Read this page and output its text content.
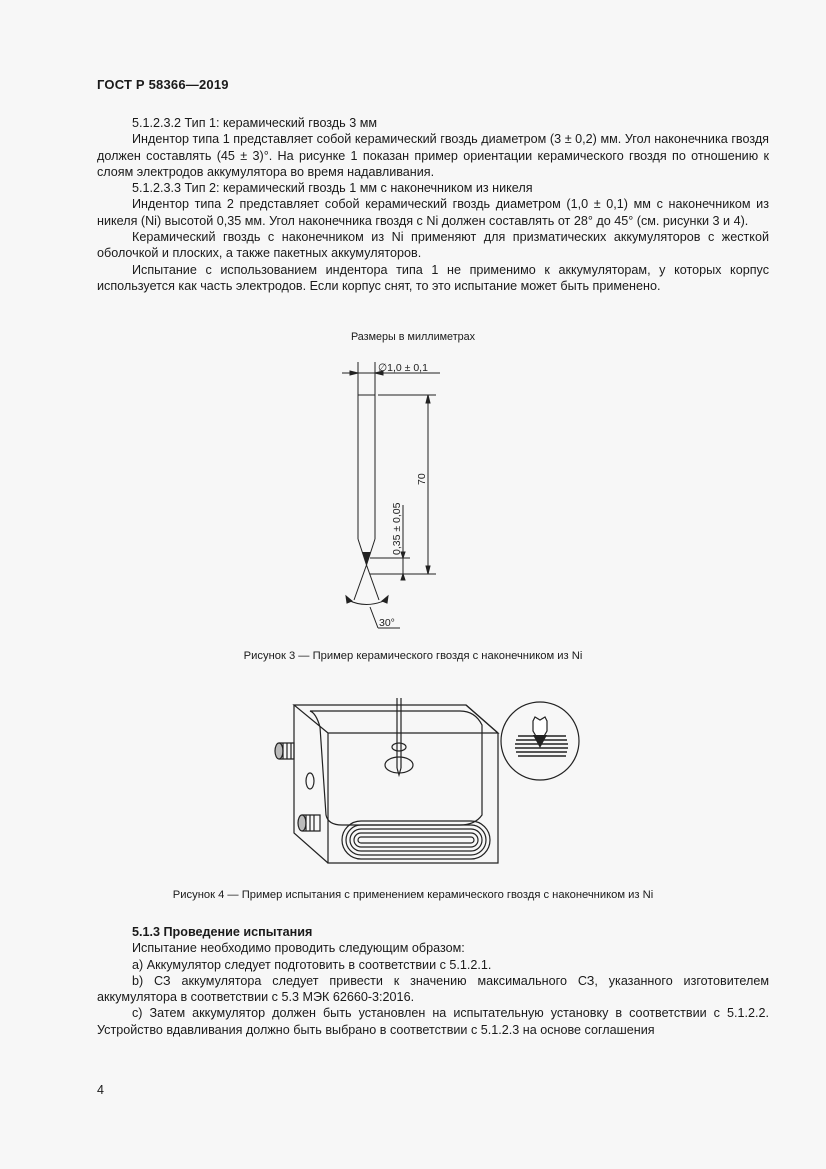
ГОСТ Р 58366—2019

5.1.2.3.2 Тип 1: керамический гвоздь 3 мм

Индентор типа 1 представляет собой керамический гвоздь диаметром (3 ± 0,2) мм. Угол наконечника гвоздя должен составлять (45 ± 3)°. На рисунке 1 показан пример ориентации керамического гвоздя по отношению к слоям электродов аккумулятора во время надавливания.

5.1.2.3.3 Тип 2: керамический гвоздь 1 мм с наконечником из никеля

Индентор типа 2 представляет собой керамический гвоздь диаметром (1,0 ± 0,1) мм с наконечником из никеля (Ni) высотой 0,35 мм. Угол наконечника гвоздя с Ni должен составлять от 28° до 45° (см. рисунки 3 и 4).

Керамический гвоздь с наконечником из Ni применяют для призматических аккумуляторов с жесткой оболочкой и плоских, а также пакетных аккумуляторов.

Испытание с использованием индентора типа 1 не применимо к аккумуляторам, у которых корпус используется как часть электродов. Если корпус снят, то это испытание может быть применено.

Размеры в миллиметрах
∅1,0 ± 0,1
70
0,35 ± 0,05
30°
Рисунок 3 — Пример керамического гвоздя с наконечником из Ni
Рисунок 4 — Пример испытания с применением керамического гвоздя с наконечником из Ni

5.1.3 Проведение испытания

Испытание необходимо проводить следующим образом:

a) Аккумулятор следует подготовить в соответствии с 5.1.2.1.

b) СЗ аккумулятора следует привести к значению максимального СЗ, указанного изготовителем аккумулятора в соответствии с 5.3 МЭК 62660-3:2016.

c) Затем аккумулятор должен быть установлен на испытательную установку в соответствии с 5.1.2.2. Устройство вдавливания должно быть выбрано в соответствии с 5.1.2.3 на основе соглашения

4
